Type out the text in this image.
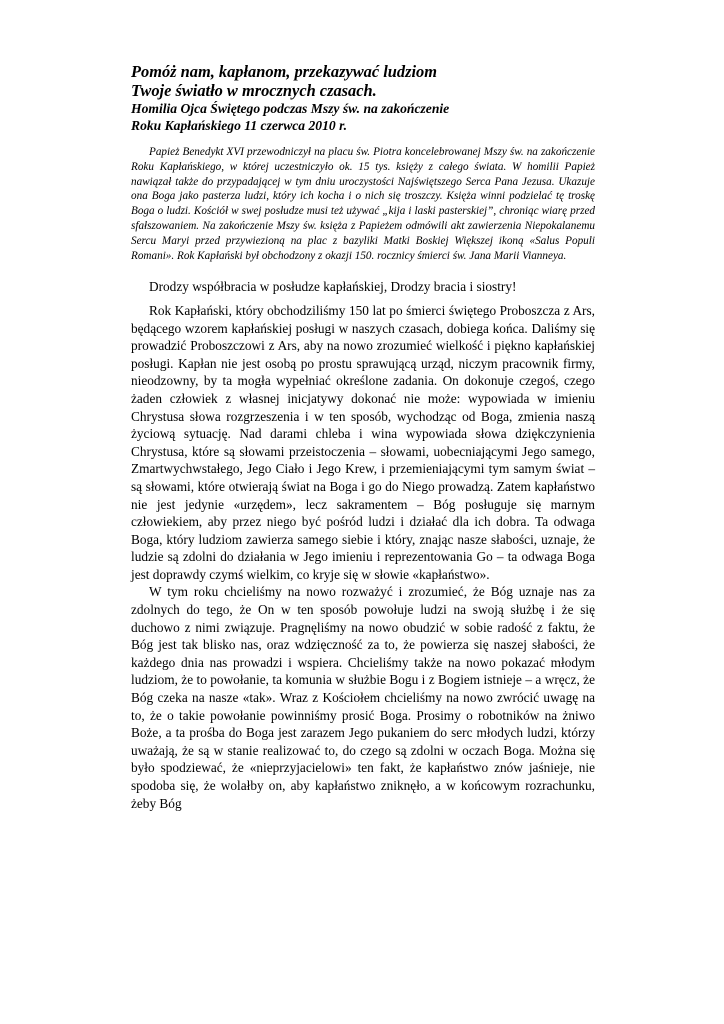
Pomóż nam, kapłanom, przekazywać ludziom
Twoje światło w mrocznych czasach.
Homilia Ojca Świętego podczas Mszy św. na zakończenie
Roku Kapłańskiego 11 czerwca 2010 r.

Papież Benedykt XVI przewodniczył na placu św. Piotra koncelebrowanej Mszy św. na zakończenie Roku Kapłańskiego, w której uczestniczyło ok. 15 tys. księży z całego świata. W homilii Papież nawiązał także do przypadającej w tym dniu uroczystości Najświętszego Serca Pana Jezusa. Ukazuje ona Boga jako pasterza ludzi, który ich kocha i o nich się troszczy. Księża winni podzielać tę troskę Boga o ludzi. Kościół w swej posłudze musi też używać „kija i laski pasterskiej”, chroniąc wiarę przed sfałszowaniem. Na zakończenie Mszy św. księża z Papieżem odmówili akt zawierzenia Niepokalanemu Sercu Maryi przed przywiezioną na plac z bazyliki Matki Boskiej Większej ikoną «Salus Populi Romani». Rok Kapłański był obchodzony z okazji 150. rocznicy śmierci św. Jana Marii Vianneya.

Drodzy współbracia w posłudze kapłańskiej, Drodzy bracia i siostry!

Rok Kapłański, który obchodziliśmy 150 lat po śmierci świętego Proboszcza z Ars, będącego wzorem kapłańskiej posługi w naszych czasach, dobiega końca. Daliśmy się prowadzić Proboszczowi z Ars, aby na nowo zrozumieć wielkość i piękno kapłańskiej posługi. Kapłan nie jest osobą po prostu sprawującą urząd, niczym pracownik firmy, nieodzowny, by ta mogła wypełniać określone zadania. On dokonuje czegoś, czego żaden człowiek z własnej inicjatywy dokonać nie może: wypowiada w imieniu Chrystusa słowa rozgrzeszenia i w ten sposób, wychodząc od Boga, zmienia naszą życiową sytuację. Nad darami chleba i wina wypowiada słowa dziękczynienia Chrystusa, które są słowami przeistoczenia – słowami, uobecniającymi Jego samego, Zmartwychwstałego, Jego Ciało i Jego Krew, i przemieniającymi tym samym świat – są słowami, które otwierają świat na Boga i go do Niego prowadzą. Zatem kapłaństwo nie jest jedynie «urzędem», lecz sakramentem – Bóg posługuje się marnym człowiekiem, aby przez niego być pośród ludzi i działać dla ich dobra. Ta odwaga Boga, który ludziom zawierza samego siebie i który, znając nasze słabości, uznaje, że ludzie są zdolni do działania w Jego imieniu i reprezentowania Go – ta odwaga Boga jest doprawdy czymś wielkim, co kryje się w słowie «kapłaństwo».

W tym roku chcieliśmy na nowo rozważyć i zrozumieć, że Bóg uznaje nas za zdolnych do tego, że On w ten sposób powołuje ludzi na swoją służbę i że się duchowo z nimi związuje. Pragnęliśmy na nowo obudzić w sobie radość z faktu, że Bóg jest tak blisko nas, oraz wdzięczność za to, że powierza się naszej słabości, że każdego dnia nas prowadzi i wspiera. Chcieliśmy także na nowo pokazać młodym ludziom, że to powołanie, ta komunia w służbie Bogu i z Bogiem istnieje – a wręcz, że Bóg czeka na nasze «tak». Wraz z Kościołem chcieliśmy na nowo zwrócić uwagę na to, że o takie powołanie powinniśmy prosić Boga. Prosimy o robotników na żniwo Boże, a ta prośba do Boga jest zarazem Jego pukaniem do serc młodych ludzi, którzy uważają, że są w stanie realizować to, do czego są zdolni w oczach Boga. Można się było spodziewać, że «nieprzyjacielowi» ten fakt, że kapłaństwo znów jaśnieje, nie spodoba się, że wolałby on, aby kapłaństwo zniknęło, a w końcowym rozrachunku, żeby Bóg
